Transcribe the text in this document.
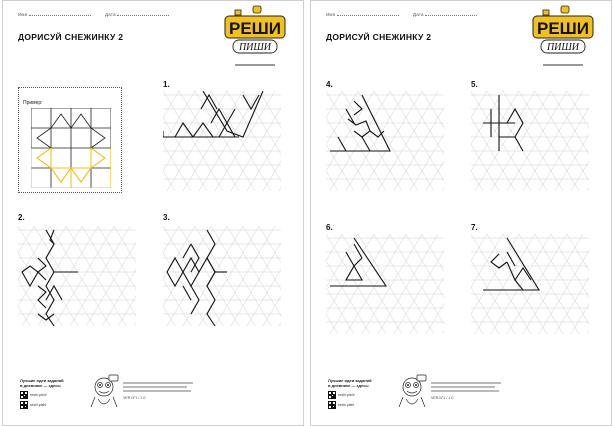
Имя	Дата
ДОРИСУЙ СНЕЖИНКУ 2	РЕШИ
ПИШИ
Пример:
1.
2.	3.
Лучшие идеи заданий
в дневнике — здесь:
reshi-pishi
reshi.pishi
VER.N°1 / 1.0
Имя	Дата
ДОРИСУЙ СНЕЖИНКУ 2	РЕШИ
ПИШИ
4.	5.
6.	7.
Лучшие идеи заданий
в дневнике — здесь:
reshi-pishi
reshi.pishi
VER.N°1 / 1.0
